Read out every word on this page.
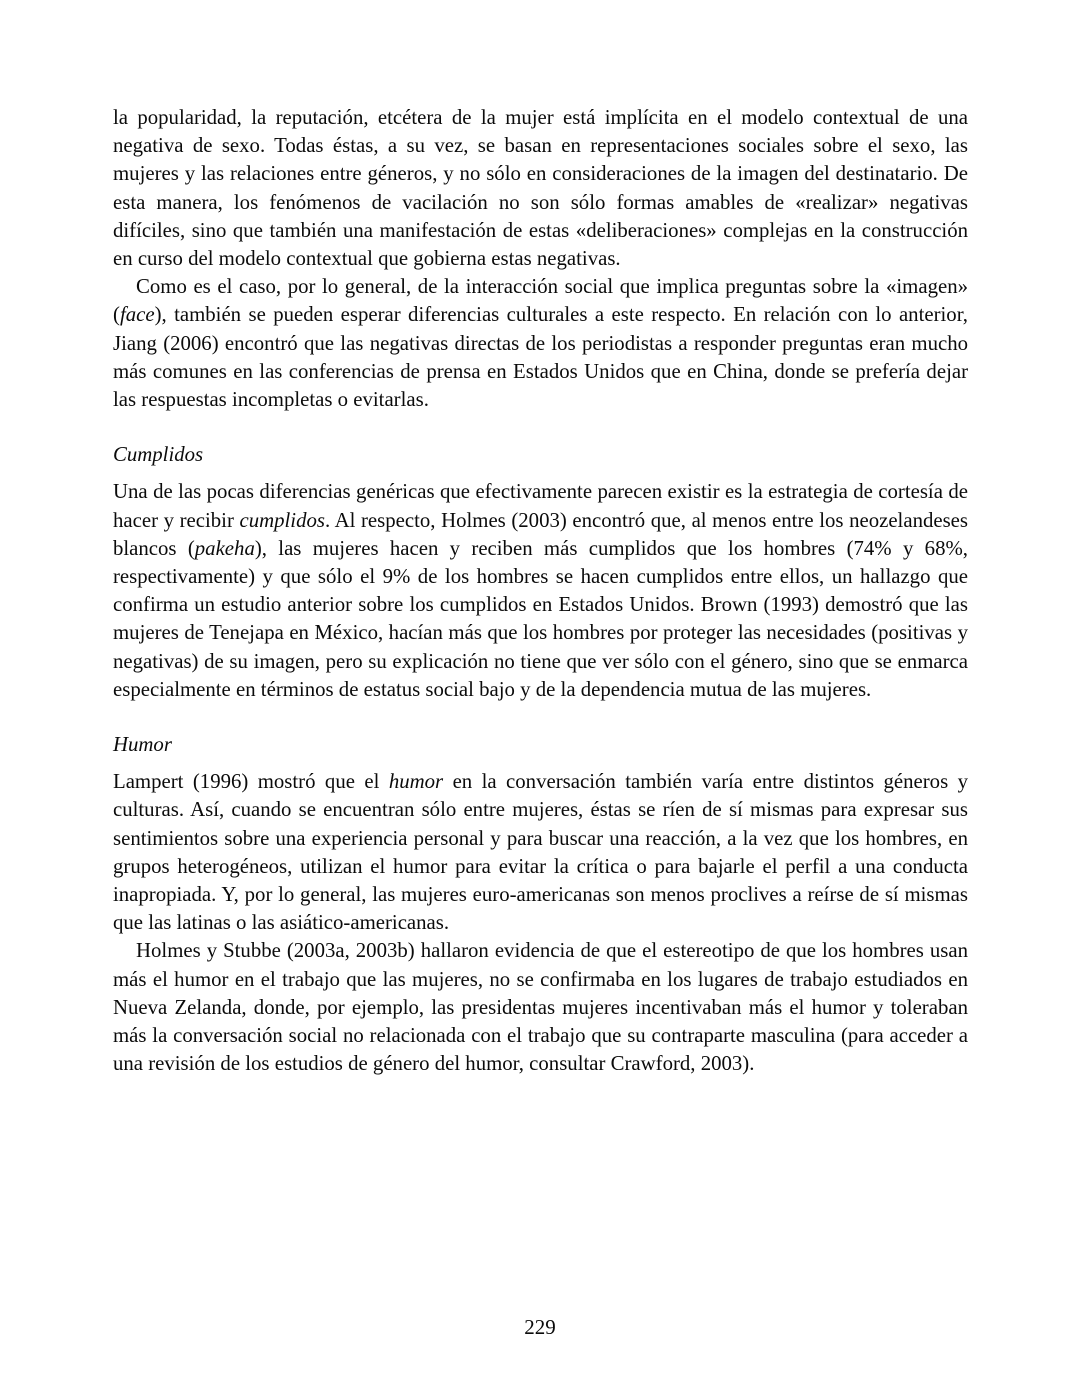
la popularidad, la reputación, etcétera de la mujer está implícita en el modelo contextual de una negativa de sexo. Todas éstas, a su vez, se basan en representaciones sociales sobre el sexo, las mujeres y las relaciones entre géneros, y no sólo en consideraciones de la imagen del destinatario. De esta manera, los fenómenos de vacilación no son sólo formas amables de «realizar» negativas difíciles, sino que también una manifestación de estas «deliberaciones» complejas en la construcción en curso del modelo contextual que gobierna estas negativas.

Como es el caso, por lo general, de la interacción social que implica preguntas sobre la «imagen» (face), también se pueden esperar diferencias culturales a este respecto. En relación con lo anterior, Jiang (2006) encontró que las negativas directas de los periodistas a responder preguntas eran mucho más comunes en las conferencias de prensa en Estados Unidos que en China, donde se prefería dejar las respuestas incompletas o evitarlas.

Cumplidos

Una de las pocas diferencias genéricas que efectivamente parecen existir es la estrategia de cortesía de hacer y recibir cumplidos. Al respecto, Holmes (2003) encontró que, al menos entre los neozelandeses blancos (pakeha), las mujeres hacen y reciben más cumplidos que los hombres (74% y 68%, respectivamente) y que sólo el 9% de los hombres se hacen cumplidos entre ellos, un hallazgo que confirma un estudio anterior sobre los cumplidos en Estados Unidos. Brown (1993) demostró que las mujeres de Tenejapa en México, hacían más que los hombres por proteger las necesidades (positivas y negativas) de su imagen, pero su explicación no tiene que ver sólo con el género, sino que se enmarca especialmente en términos de estatus social bajo y de la dependencia mutua de las mujeres.

Humor

Lampert (1996) mostró que el humor en la conversación también varía entre distintos géneros y culturas. Así, cuando se encuentran sólo entre mujeres, éstas se ríen de sí mismas para expresar sus sentimientos sobre una experiencia personal y para buscar una reacción, a la vez que los hombres, en grupos heterogéneos, utilizan el humor para evitar la crítica o para bajarle el perfil a una conducta inapropiada. Y, por lo general, las mujeres euro-americanas son menos proclives a reírse de sí mismas que las latinas o las asiático-americanas.

Holmes y Stubbe (2003a, 2003b) hallaron evidencia de que el estereotipo de que los hombres usan más el humor en el trabajo que las mujeres, no se confirmaba en los lugares de trabajo estudiados en Nueva Zelanda, donde, por ejemplo, las presidentas mujeres incentivaban más el humor y toleraban más la conversación social no relacionada con el trabajo que su contraparte masculina (para acceder a una revisión de los estudios de género del humor, consultar Crawford, 2003).

229
